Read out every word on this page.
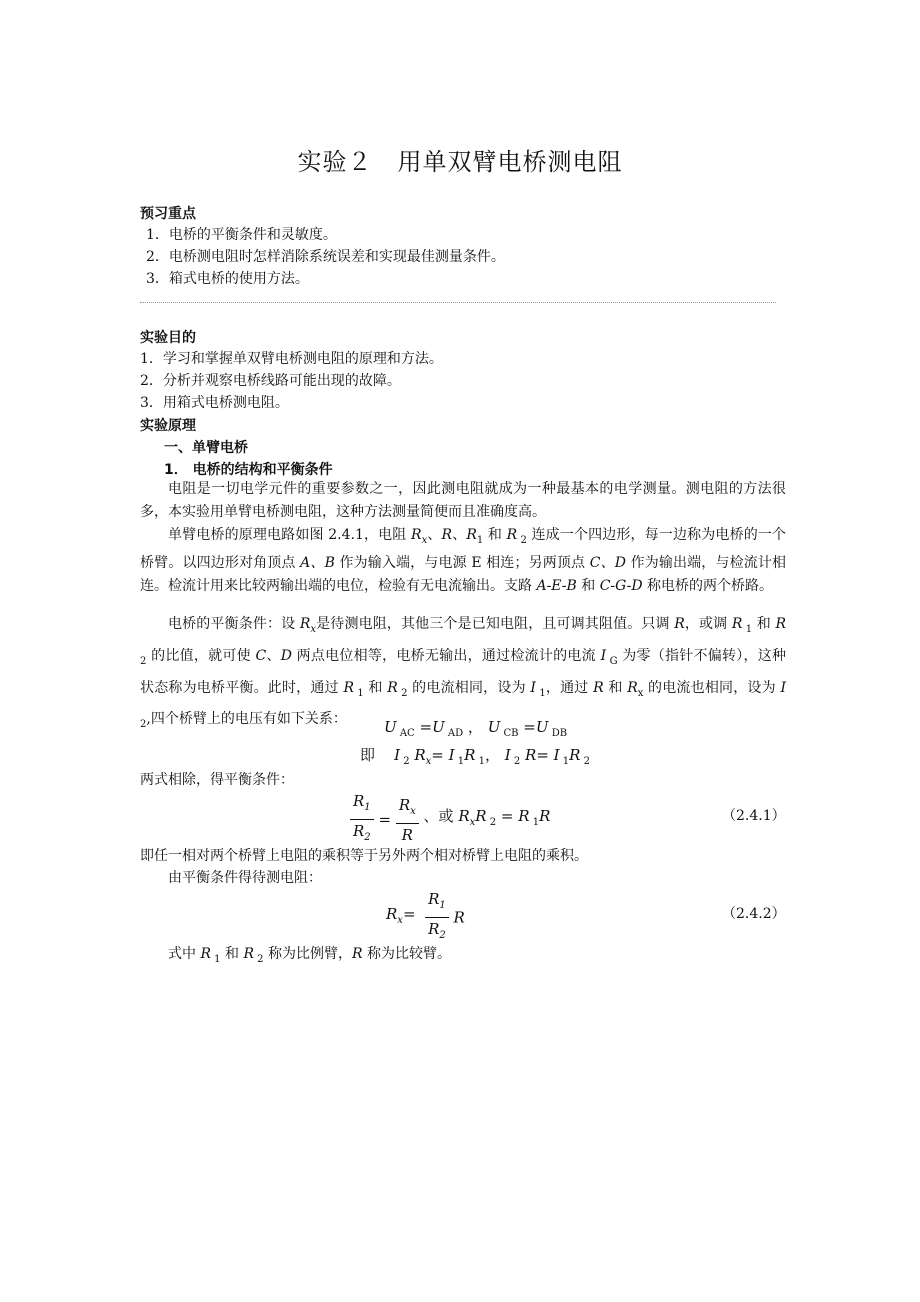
实验２　用单双臂电桥测电阻
预习重点
1．电桥的平衡条件和灵敏度。
2．电桥测电阻时怎样消除系统误差和实现最佳测量条件。
3．箱式电桥的使用方法。
实验目的
1．学习和掌握单双臂电桥测电阻的原理和方法。
2．分析并观察电桥线路可能出现的故障。
3．用箱式电桥测电阻。
实验原理
一、单臂电桥
1． 电桥的结构和平衡条件
电阻是一切电学元件的重要参数之一，因此测电阻就成为一种最基本的电学测量。测电阻的方法很多，本实验用单臂电桥测电阻，这种方法测量简便而且准确度高。
单臂电桥的原理电路如图 2.4.1，电阻 $R_x$、R、$R_1$ 和 R $_2$ 连成一个四边形，每一边称为电桥的一个桥臂。以四边形对角顶点 A、B 作为输入端，与电源 E 相连；另两顶点 C、D 作为输出端，与检流计相连。检流计用来比较两输出端的电位，检验有无电流输出。支路 A-E-B 和 C-G-D 称电桥的两个桥路。
电桥的平衡条件：设 $R_x$是待测电阻，其他三个是已知电阻，且可调其阻值。只调 R，或调 R $_1$ 和 R $_2$ 的比值，就可使 C、D 两点电位相等，电桥无输出，通过检流计的电流 I $_G$ 为零（指针不偏转），这种状态称为电桥平衡。此时，通过 R $_1$ 和 R $_2$ 的电流相同，设为 I $_1$，通过 R 和 $R_x$ 的电流也相同，设为 I $_2$,四个桥臂上的电压有如下关系：	U $_{AC}$ =U $_{AD}$ ， U $_{CB}$ =U $_{DB}$
即 I $_2$ $R_x= I$ $_1$R $_1$， I $_2$ R= I $_1$R $_2$
两式相除，得平衡条件：
$\frac{R_1}{R_2} = \frac{R_x}{R}$ 、或 $R_xR$ $_2$ = R $_1$R	（2.4.1）
即任一相对两个桥臂上电阻的乘积等于另外两个相对桥臂上电阻的乘积。
由平衡条件得待测电阻：
$R_x= \frac{R_1}{R_2}$ R	（2.4.2）
式中 R $_1$ 和 R $_2$ 称为比例臂，R 称为比较臂。
